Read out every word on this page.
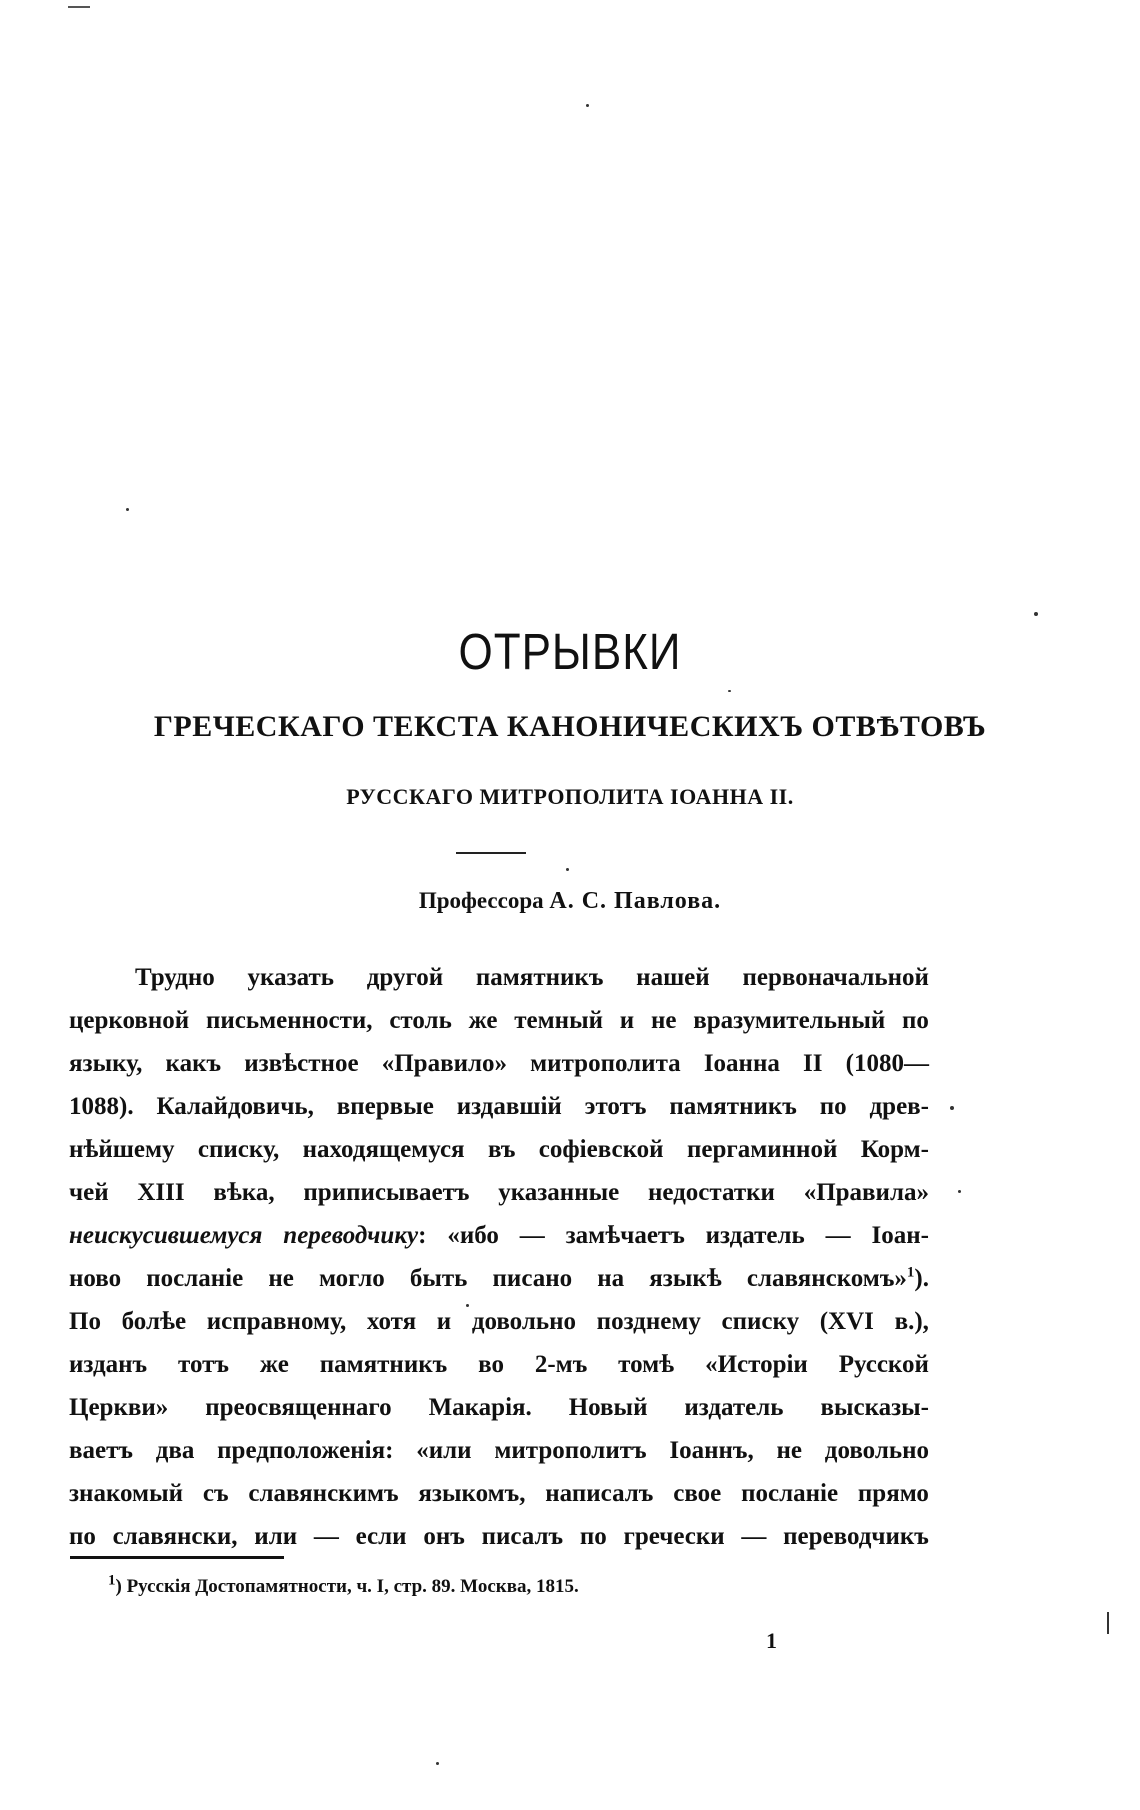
ОТРЫВКИ
ГРЕЧЕСКАГО ТЕКСТА КАНОНИЧЕСКИХЪ ОТВѢТОВЪ
РУССКАГО МИТРОПОЛИТА ІОАННА II.
Профессора А. С. Павлова.
Трудно указать другой памятникъ нашей первоначальной
церковной письменности, столь же темный и не вразумительный по
языку, какъ извѣстное «Правило» митрополита Іоанна II (1080—
1088). Калайдовичь, впервые издавшій этотъ памятникъ по древ-
нѣйшему списку, находящемуся въ софіевской пергаминной Корм-
чей XIII вѣка, приписываетъ указанные недостатки «Правила»
неискусившемуся переводчику: «ибо — замѣчаетъ издатель — Іоан-
ново посланіе не могло быть писано на языкѣ славянскомъ»$^1$).
По болѣе исправному, хотя и довольно позднему списку (XVI в.),
изданъ тотъ же памятникъ во 2-мъ томѣ «Исторіи Русской
Церкви» преосвященнаго Макарія. Новый издатель высказы-
ваетъ два предположенія: «или митрополитъ Іоаннъ, не довольно
знакомый съ славянскимъ языкомъ, написалъ свое посланіе прямо
по славянски, или — если онъ писалъ по гречески — переводчикъ
$^1$) Русскія Достопамятности, ч. I, стр. 89. Москва, 1815.
1
